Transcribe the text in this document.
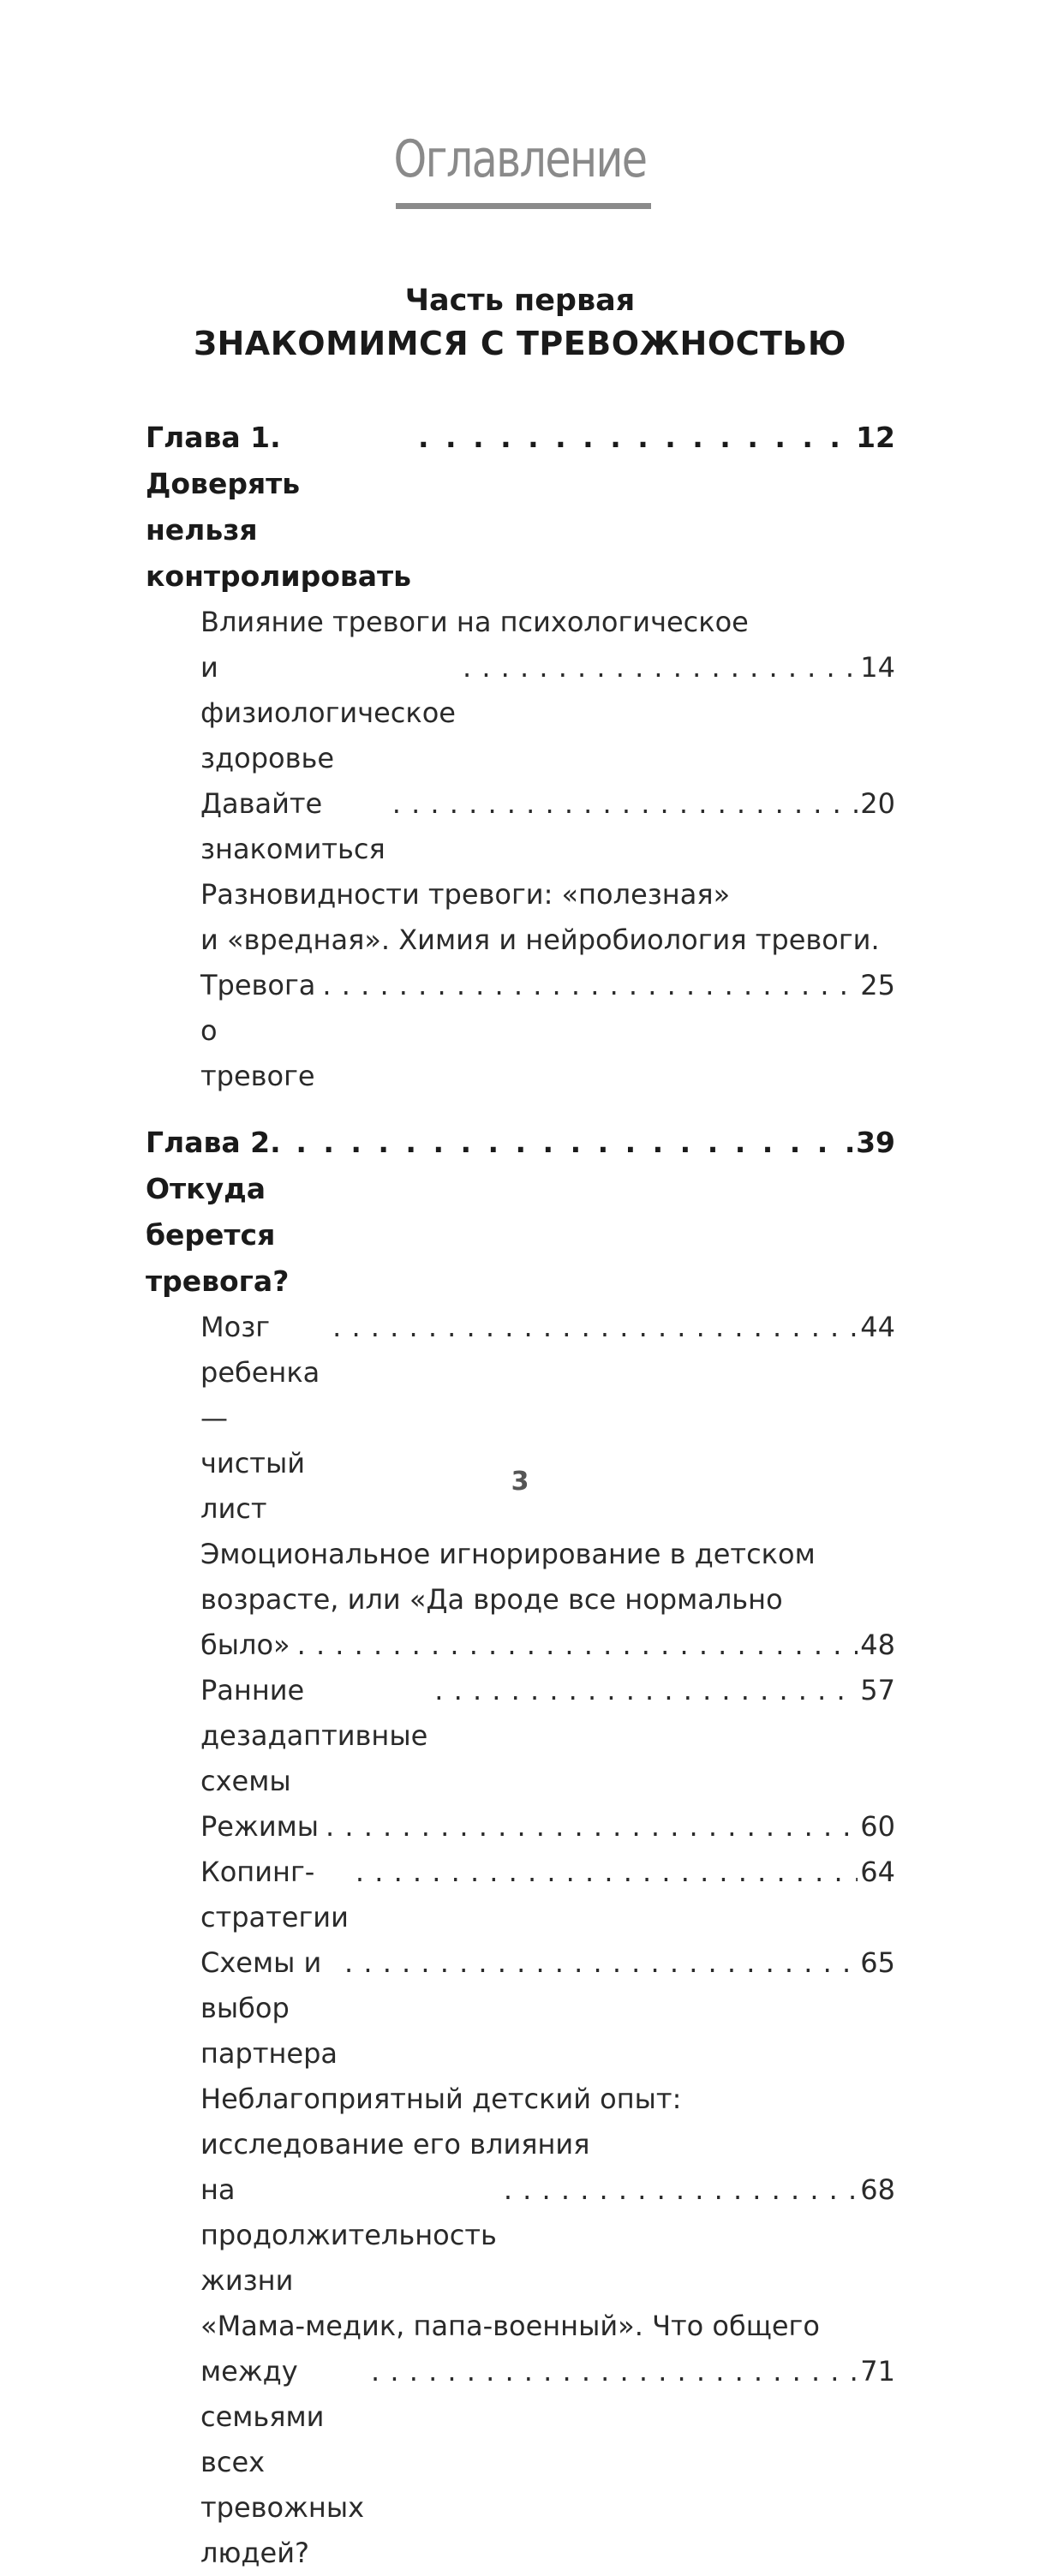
Оглавление
Часть первая
ЗНАКОМИМСЯ С ТРЕВОЖНОСТЬЮ
Глава 1. Доверять нельзя контролировать
. . .
12
Влияние тревоги на психологическое
и физиологическое здоровье
. . .
14
Давайте знакомиться
. . .
20
Разновидности тревоги: «полезная»
и «вредная». Химия и нейробиология тревоги.
Тревога о тревоге
. . .
25
Глава 2. Откуда берется тревога?
. . .
39
Мозг ребенка — чистый лист
. . .
44
Эмоциональное игнорирование в детском
возрасте, или «Да вроде все нормально
было» . . .	48
Ранние дезадаптивные схемы
. . .
57
Режимы . . .	60
Копинг-стратегии
. . .
64
Схемы и выбор партнера
. . .
65
Неблагоприятный детский опыт:
исследование его влияния
на продолжительность жизни
. . .
68
«Мама-медик, папа-военный». Что общего
между семьями всех тревожных людей?
. . .
71
3
